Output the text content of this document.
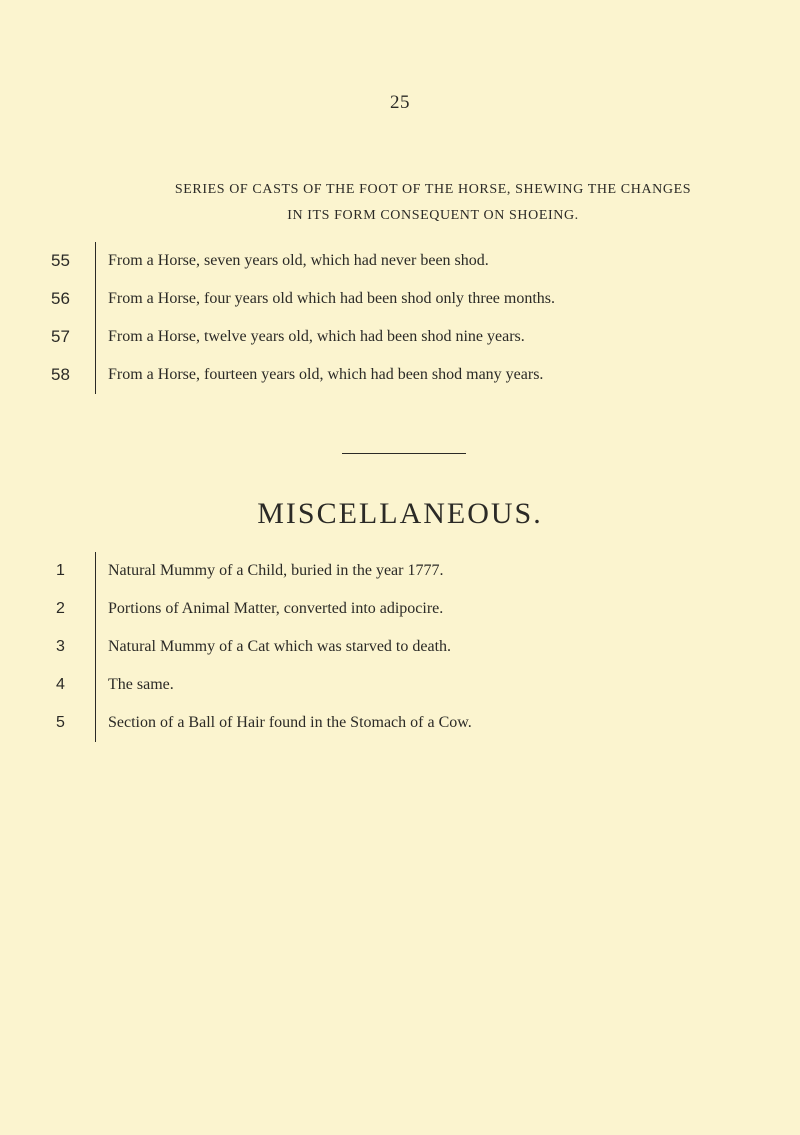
25
SERIES OF CASTS OF THE FOOT OF THE HORSE, SHEWING THE CHANGES
IN ITS FORM CONSEQUENT ON SHOEING.
55	From a Horse, seven years old, which had never been shod.
56	From a Horse, four years old which had been shod only three months.
57	From a Horse, twelve years old, which had been shod nine years.
58	From a Horse, fourteen years old, which had been shod many years.
MISCELLANEOUS.
1	Natural Mummy of a Child, buried in the year 1777.
2	Portions of Animal Matter, converted into adipocire.
3	Natural Mummy of a Cat which was starved to death.
4	The same.
5	Section of a Ball of Hair found in the Stomach of a Cow.
